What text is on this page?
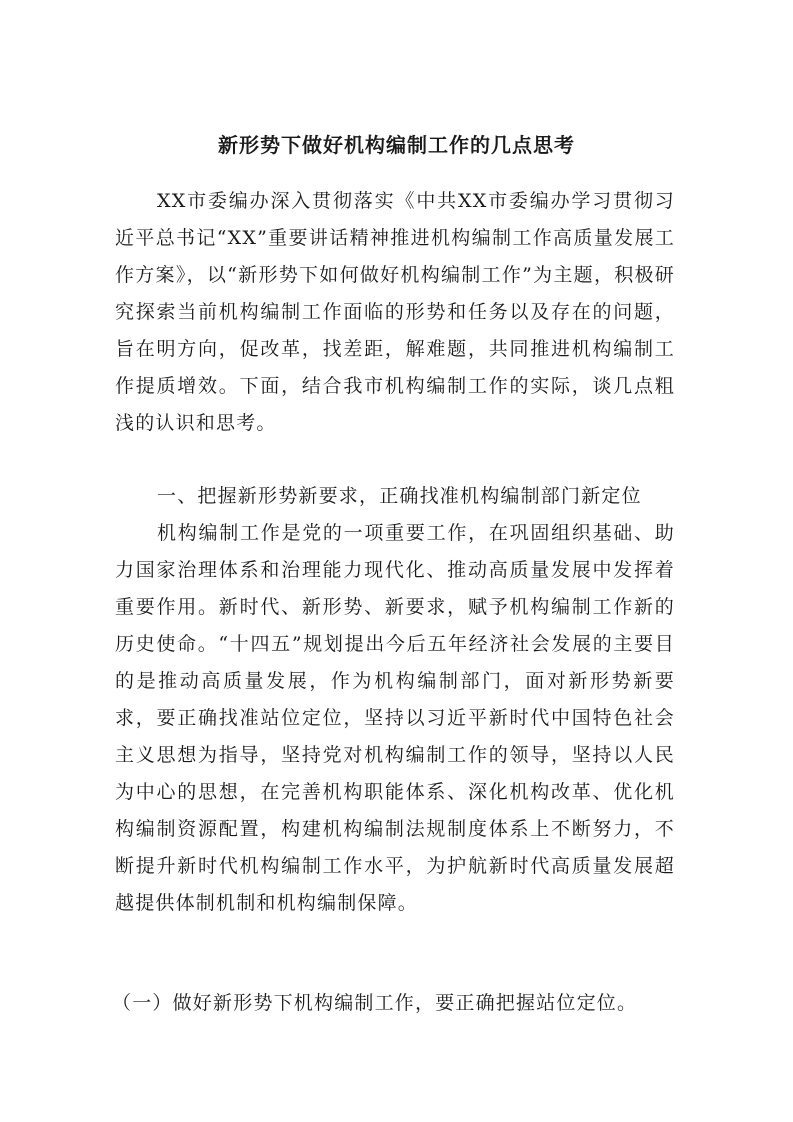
新形势下做好机构编制工作的几点思考
XX市委编办深入贯彻落实《中共XX市委编办学习贯彻习近平总书记“XX”重要讲话精神推进机构编制工作高质量发展工作方案》，以“新形势下如何做好机构编制工作”为主题，积极研究探索当前机构编制工作面临的形势和任务以及存在的问题，旨在明方向，促改革，找差距，解难题，共同推进机构编制工作提质增效。下面，结合我市机构编制工作的实际，谈几点粗浅的认识和思考。
一、把握新形势新要求，正确找准机构编制部门新定位
机构编制工作是党的一项重要工作，在巩固组织基础、助力国家治理体系和治理能力现代化、推动高质量发展中发挥着重要作用。新时代、新形势、新要求，赋予机构编制工作新的历史使命。“十四五”规划提出今后五年经济社会发展的主要目的是推动高质量发展，作为机构编制部门，面对新形势新要求，要正确找准站位定位，坚持以习近平新时代中国特色社会主义思想为指导，坚持党对机构编制工作的领导，坚持以人民为中心的思想，在完善机构职能体系、深化机构改革、优化机构编制资源配置，构建机构编制法规制度体系上不断努力，不断提升新时代机构编制工作水平，为护航新时代高质量发展超越提供体制机制和机构编制保障。
（一）做好新形势下机构编制工作，要正确把握站位定位。
